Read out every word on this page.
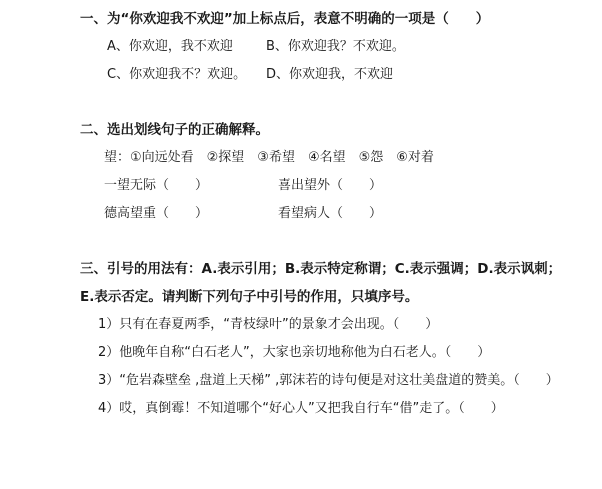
一、为“你欢迎我不欢迎”加上标点后，表意不明确的一项是（　　）
A、你欢迎，我不欢迎	B、你欢迎我？不欢迎。
C、你欢迎我不？欢迎。 D、你欢迎我，不欢迎
二、选出划线句子的正确解释。
望：①向远处看　②探望　③希望　④名望　⑤怨　⑥对着
一望无际（　　）	喜出望外（　　）
德高望重（　　）	看望病人（　　）
三、引号的用法有：A.表示引用；B.表示特定称谓；C.表示强调；D.表示讽刺；
E.表示否定。请判断下列句子中引号的作用，只填序号。
1）只有在春夏两季，“青枝绿叶”的景象才会出现。（　　）
2）他晚年自称“白石老人”，大家也亲切地称他为白石老人。（　　）
3）“危岩森壁垒 ,盘道上天梯” ,郭沫若的诗句便是对这壮美盘道的赞美。（　　）
4）哎，真倒霉！不知道哪个“好心人”又把我自行车“借”走了。（　　）
